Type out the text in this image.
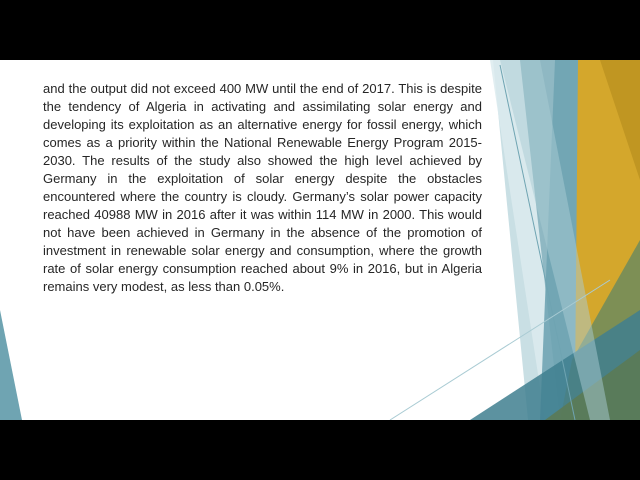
and the output did not exceed 400 MW until the end of 2017. This is despite the tendency of Algeria in activating and assimilating solar energy and developing its exploitation as an alternative energy for fossil energy, which comes as a priority within the National Renewable Energy Program 2015-2030. The results of the study also showed the high level achieved by Germany in the exploitation of solar energy despite the obstacles encountered where the country is cloudy. Germany’s solar power capacity reached 40988 MW in 2016 after it was within 114 MW in 2000. This would not have been achieved in Germany in the absence of the promotion of investment in renewable solar energy and consumption, where the growth rate of solar energy consumption reached about 9% in 2016, but in Algeria remains very modest, as less than 0.05%.
